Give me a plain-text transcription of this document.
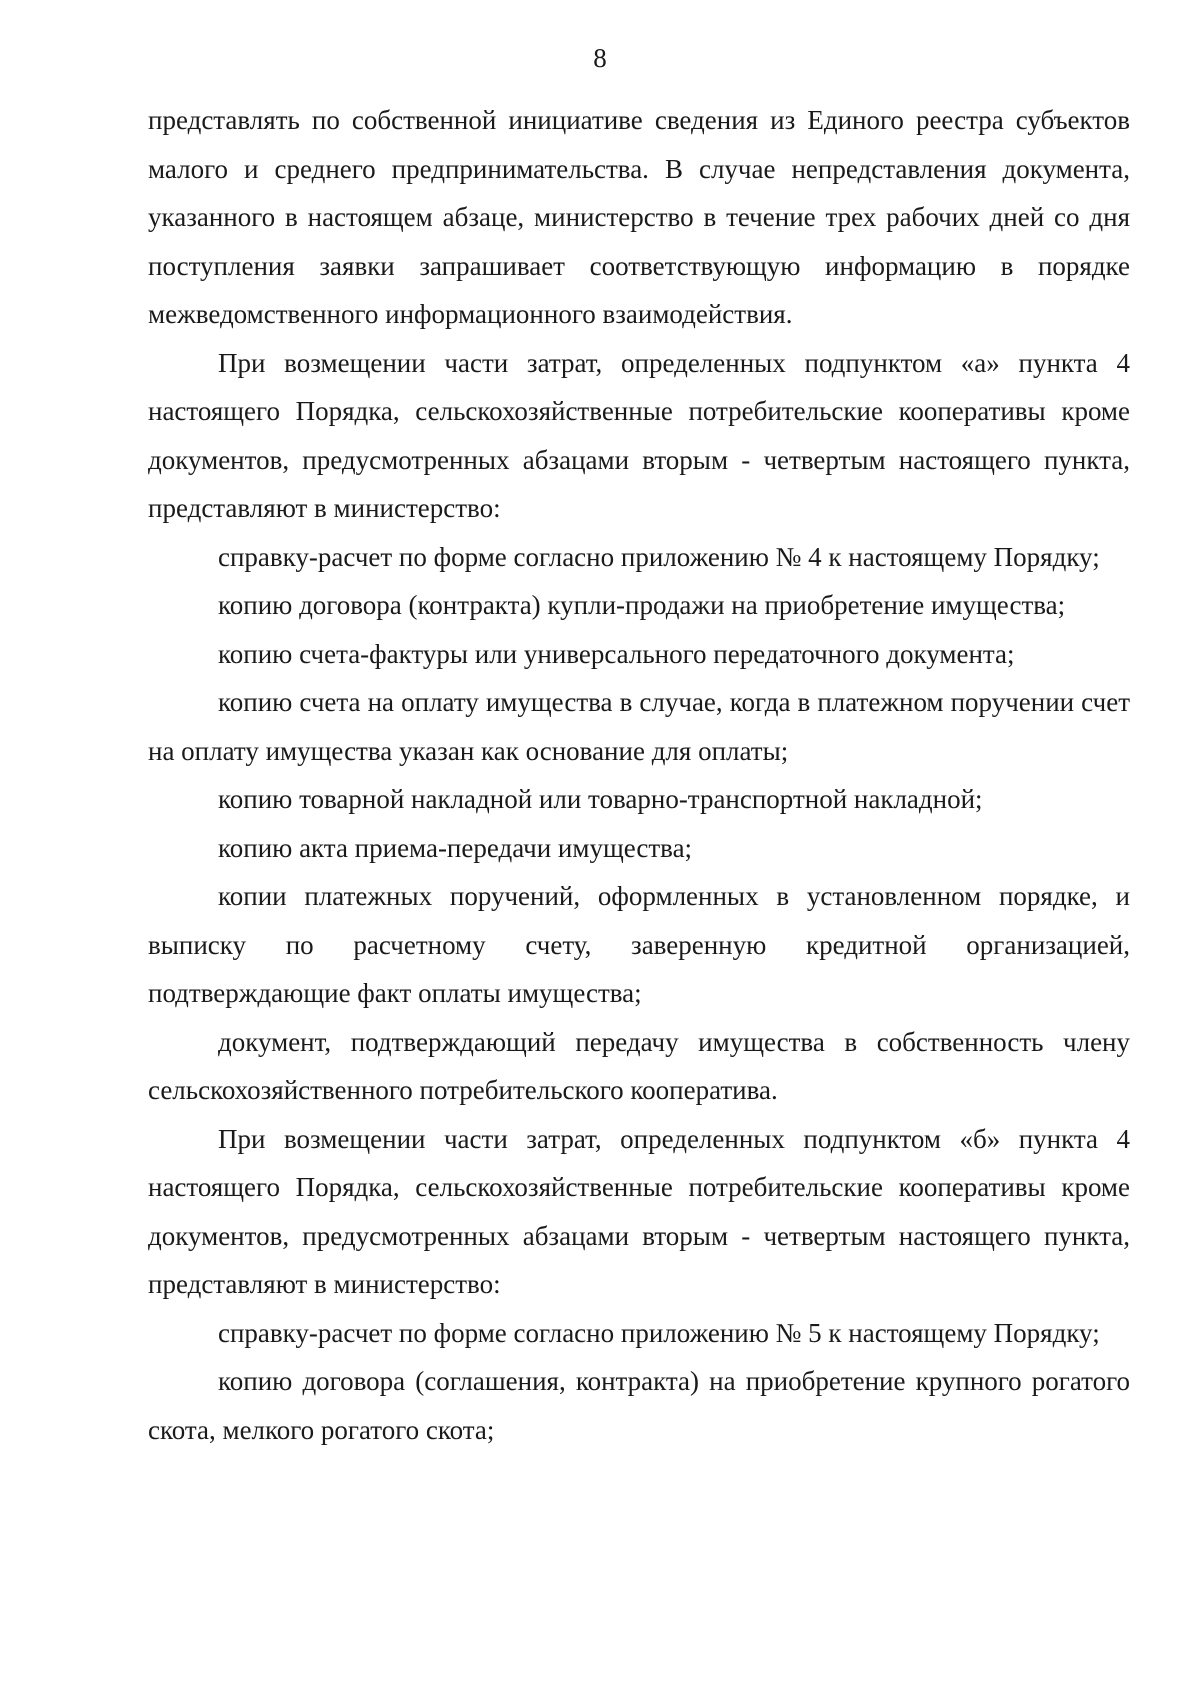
8

представлять по собственной инициативе сведения из Единого реестра субъектов малого и среднего предпринимательства. В случае непредставления документа, указанного в настоящем абзаце, министерство в течение трех рабочих дней со дня поступления заявки запрашивает соответствующую информацию в порядке межведомственного информационного взаимодействия.

При возмещении части затрат, определенных подпунктом «а» пункта 4 настоящего Порядка, сельскохозяйственные потребительские кооперативы кроме документов, предусмотренных абзацами вторым - четвертым настоящего пункта, представляют в министерство:

справку-расчет по форме согласно приложению № 4 к настоящему Порядку;

копию договора (контракта) купли-продажи на приобретение имущества;

копию счета-фактуры или универсального передаточного документа;

копию счета на оплату имущества в случае, когда в платежном поручении счет на оплату имущества указан как основание для оплаты;

копию товарной накладной или товарно-транспортной накладной;

копию акта приема-передачи имущества;

копии платежных поручений, оформленных в установленном порядке, и выписку по расчетному счету, заверенную кредитной организацией, подтверждающие факт оплаты имущества;

документ, подтверждающий передачу имущества в собственность члену сельскохозяйственного потребительского кооператива.

При возмещении части затрат, определенных подпунктом «б» пункта 4 настоящего Порядка, сельскохозяйственные потребительские кооперативы кроме документов, предусмотренных абзацами вторым - четвертым настоящего пункта, представляют в министерство:

справку-расчет по форме согласно приложению № 5 к настоящему Порядку;

копию договора (соглашения, контракта) на приобретение крупного рогатого скота, мелкого рогатого скота;
